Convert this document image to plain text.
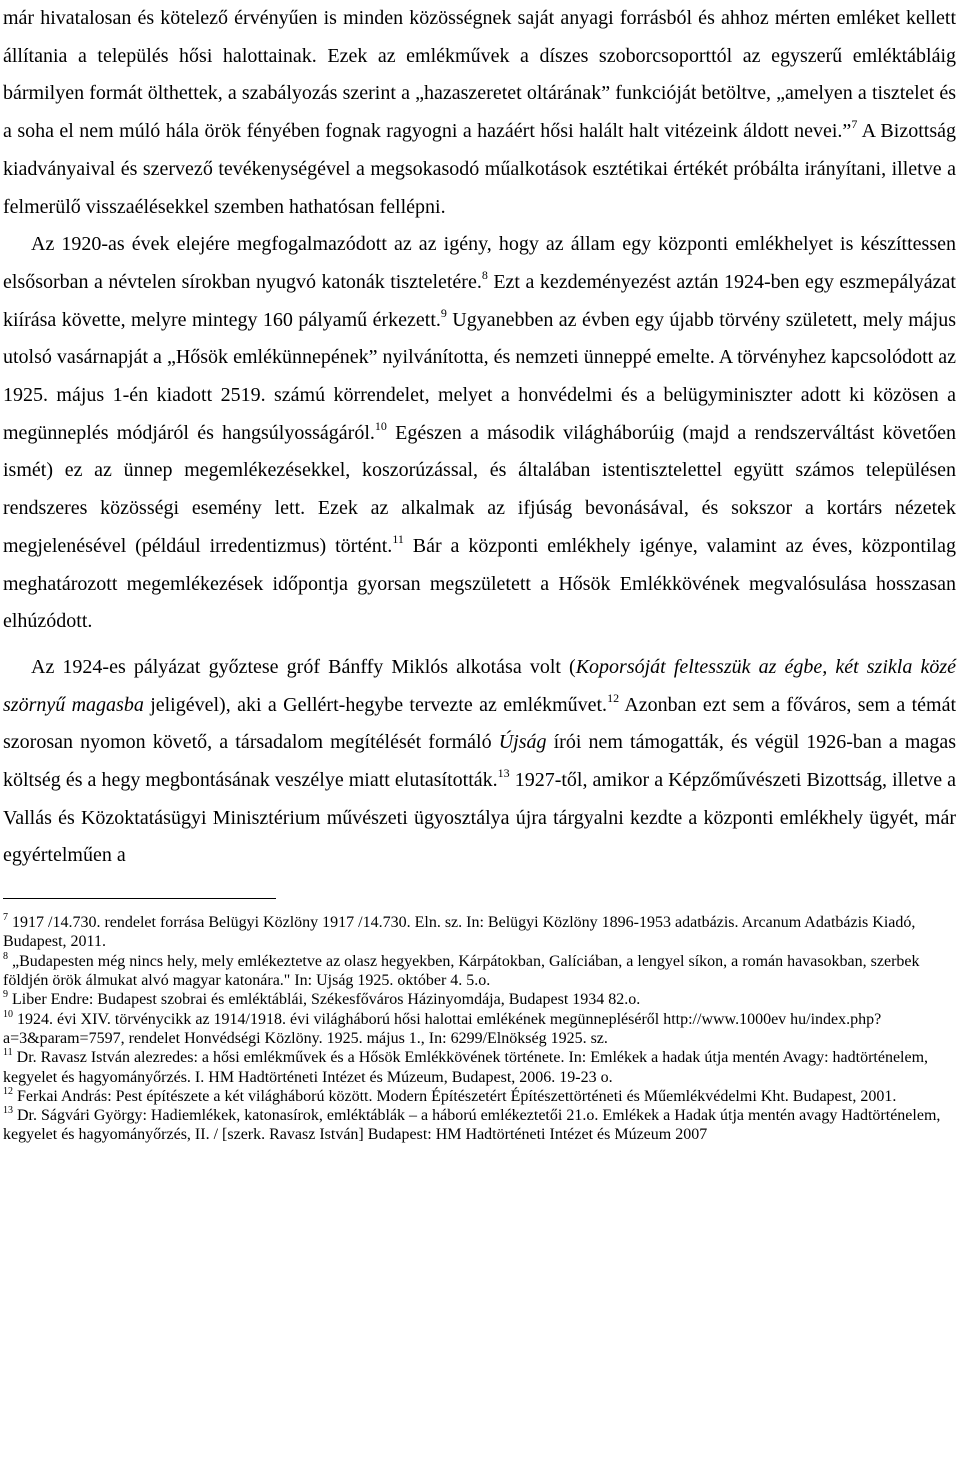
már hivatalosan és kötelező érvényűen is minden közösségnek saját anyagi forrásból és ahhoz mérten emléket kellett állítania a település hősi halottainak. Ezek az emlékművek a díszes szoborcsoporttól az egyszerű emléktábláig bármilyen formát ölthettek, a szabályozás szerint a „hazaszeretet oltárának” funkcióját betöltve, „amelyen a tisztelet és a soha el nem múló hála örök fényében fognak ragyogni a hazáért hősi halált halt vitézeink áldott nevei.”$^7$ A Bizottság kiadványaival és szervező tevékenységével a megsokasodó műalkotások esztétikai értékét próbálta irányítani, illetve a felmerülő visszaélésekkel szemben hathatósan fellépni.

Az 1920-as évek elejére megfogalmazódott az az igény, hogy az állam egy központi emlékhelyet is készíttessen elsősorban a névtelen sírokban nyugvó katonák tiszteletére.$^8$ Ezt a kezdeményezést aztán 1924-ben egy eszmepályázat kiírása követte, melyre mintegy 160 pályamű érkezett.$^9$ Ugyanebben az évben egy újabb törvény született, mely május utolsó vasárnapját a „Hősök emlékünnepének” nyilvánította, és nemzeti ünneppé emelte. A törvényhez kapcsolódott az 1925. május 1-én kiadott 2519. számú körrendelet, melyet a honvédelmi és a belügyminiszter adott ki közösen a megünneplés módjáról és hangsúlyosságáról.$^{10}$ Egészen a második világháborúig (majd a rendszerváltást követően ismét) ez az ünnep megemlékezésekkel, koszorúzással, és általában istentisztelettel együtt számos településen rendszeres közösségi esemény lett. Ezek az alkalmak az ifjúság bevonásával, és sokszor a kortárs nézetek megjelenésével (például irredentizmus) történt.$^{11}$ Bár a központi emlékhely igénye, valamint az éves, központilag meghatározott megemlékezések időpontja gyorsan megszületett a Hősök Emlékkövének megvalósulása hosszasan elhúzódott.

Az 1924-es pályázat győztese gróf Bánffy Miklós alkotása volt (Koporsóját feltesszük az égbe, két szikla közé szörnyű magasba jeligével), aki a Gellért-hegybe tervezte az emlékművet.$^{12}$ Azonban ezt sem a főváros, sem a témát szorosan nyomon követő, a társadalom megítélését formáló Újság írói nem támogatták, és végül 1926-ban a magas költség és a hegy megbontásának veszélye miatt elutasították.$^{13}$ 1927-től, amikor a Képzőművészeti Bizottság, illetve a Vallás és Közoktatásügyi Minisztérium művészeti ügyosztálya újra tárgyalni kezdte a központi emlékhely ügyét, már egyértelműen a

$^7$ 1917 /14.730. rendelet forrása Belügyi Közlöny 1917 /14.730. Eln. sz. In: Belügyi Közlöny 1896-1953 adatbázis. Arcanum Adatbázis Kiadó, Budapest, 2011.

$^8$ „Budapesten még nincs hely, mely emlékeztetve az olasz hegyekben, Kárpátokban, Galíciában, a lengyel síkon, a román havasokban, szerbek földjén örök álmukat alvó magyar katonára." In: Ujság 1925. október 4. 5.o.

$^9$ Liber Endre: Budapest szobrai és emléktáblái, Székesfőváros Házinyomdája, Budapest 1934 82.o.

$^{10}$ 1924. évi XIV. törvénycikk az 1914/1918. évi világháború hősi halottai emlékének megünnepléséről http://www.1000ev hu/index.php?a=3&param=7597, rendelet Honvédségi Közlöny. 1925. május 1., In: 6299/Elnökség 1925. sz.

$^{11}$ Dr. Ravasz István alezredes: a hősi emlékművek és a Hősök Emlékkövének története. In: Emlékek a hadak útja mentén Avagy: hadtörténelem, kegyelet és hagyományőrzés. I. HM Hadtörténeti Intézet és Múzeum, Budapest, 2006. 19-23 o.

$^{12}$ Ferkai András: Pest építészete a két világháború között. Modern Építészetért Építészettörténeti és Műemlékvédelmi Kht. Budapest, 2001.

$^{13}$ Dr. Ságvári György: Hadiemlékek, katonasírok, emléktáblák – a háború emlékeztetői 21.o. Emlékek a Hadak útja mentén avagy Hadtörténelem, kegyelet és hagyományőrzés, II. / [szerk. Ravasz István] Budapest: HM Hadtörténeti Intézet és Múzeum 2007
